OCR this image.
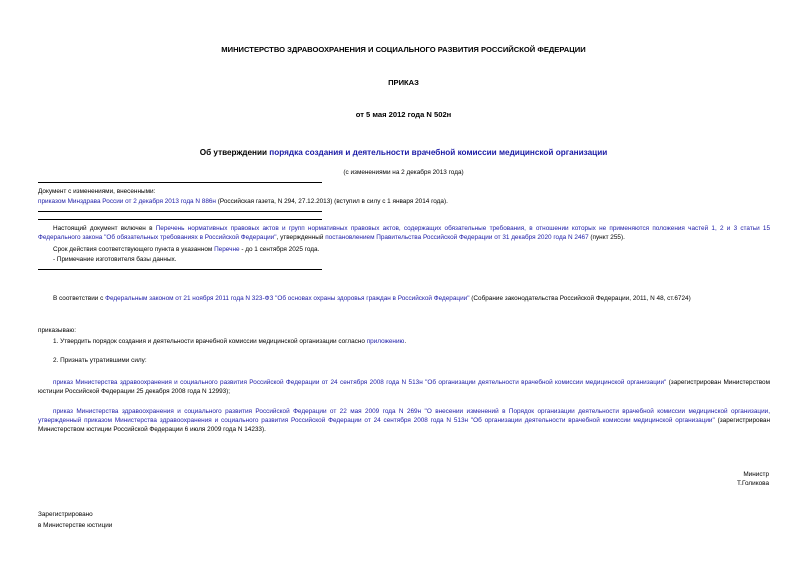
МИНИСТЕРСТВО ЗДРАВООХРАНЕНИЯ И СОЦИАЛЬНОГО РАЗВИТИЯ РОССИЙСКОЙ ФЕДЕРАЦИИ
ПРИКАЗ
от 5 мая 2012 года N 502н
Об утверждении порядка создания и деятельности врачебной комиссии медицинской организации
(с изменениями на 2 декабря 2013 года)
Документ с изменениями, внесенными:
приказом Минздрава России от 2 декабря 2013 года N 886н (Российская газета, N 294, 27.12.2013) (вступил в силу с 1 января 2014 года).
Настоящий документ включен в Перечень нормативных правовых актов и групп нормативных правовых актов, содержащих обязательные требования, в отношении которых не применяются положения частей 1, 2 и 3 статьи 15 Федерального закона "Об обязательных требованиях в Российской Федерации", утвержденный постановлением Правительства Российской Федерации от 31 декабря 2020 года N 2467 (пункт 255).
Срок действия соответствующего пункта в указанном Перечне - до 1 сентября 2025 года.
- Примечание изготовителя базы данных.
В соответствии с Федеральным законом от 21 ноября 2011 года N 323-ФЗ "Об основах охраны здоровья граждан в Российской Федерации" (Собрание законодательства Российской Федерации, 2011, N 48, ст.6724)
приказываю:
1. Утвердить порядок создания и деятельности врачебной комиссии медицинской организации согласно приложению.
2. Признать утратившими силу:
приказ Министерства здравоохранения и социального развития Российской Федерации от 24 сентября 2008 года N 513н "Об организации деятельности врачебной комиссии медицинской организации" (зарегистрирован Министерством юстиции Российской Федерации 25 декабря 2008 года N 12993);
приказ Министерства здравоохранения и социального развития Российской Федерации от 22 мая 2009 года N 269н "О внесении изменений в Порядок организации деятельности врачебной комиссии медицинской организации, утвержденный приказом Министерства здравоохранения и социального развития Российской Федерации от 24 сентября 2008 года N 513н "Об организации деятельности врачебной комиссии медицинской организации" (зарегистрирован Министерством юстиции Российской Федерации 6 июля 2009 года N 14233).
Министр
Т.Голикова
Зарегистрировано
в Министерстве юстиции
